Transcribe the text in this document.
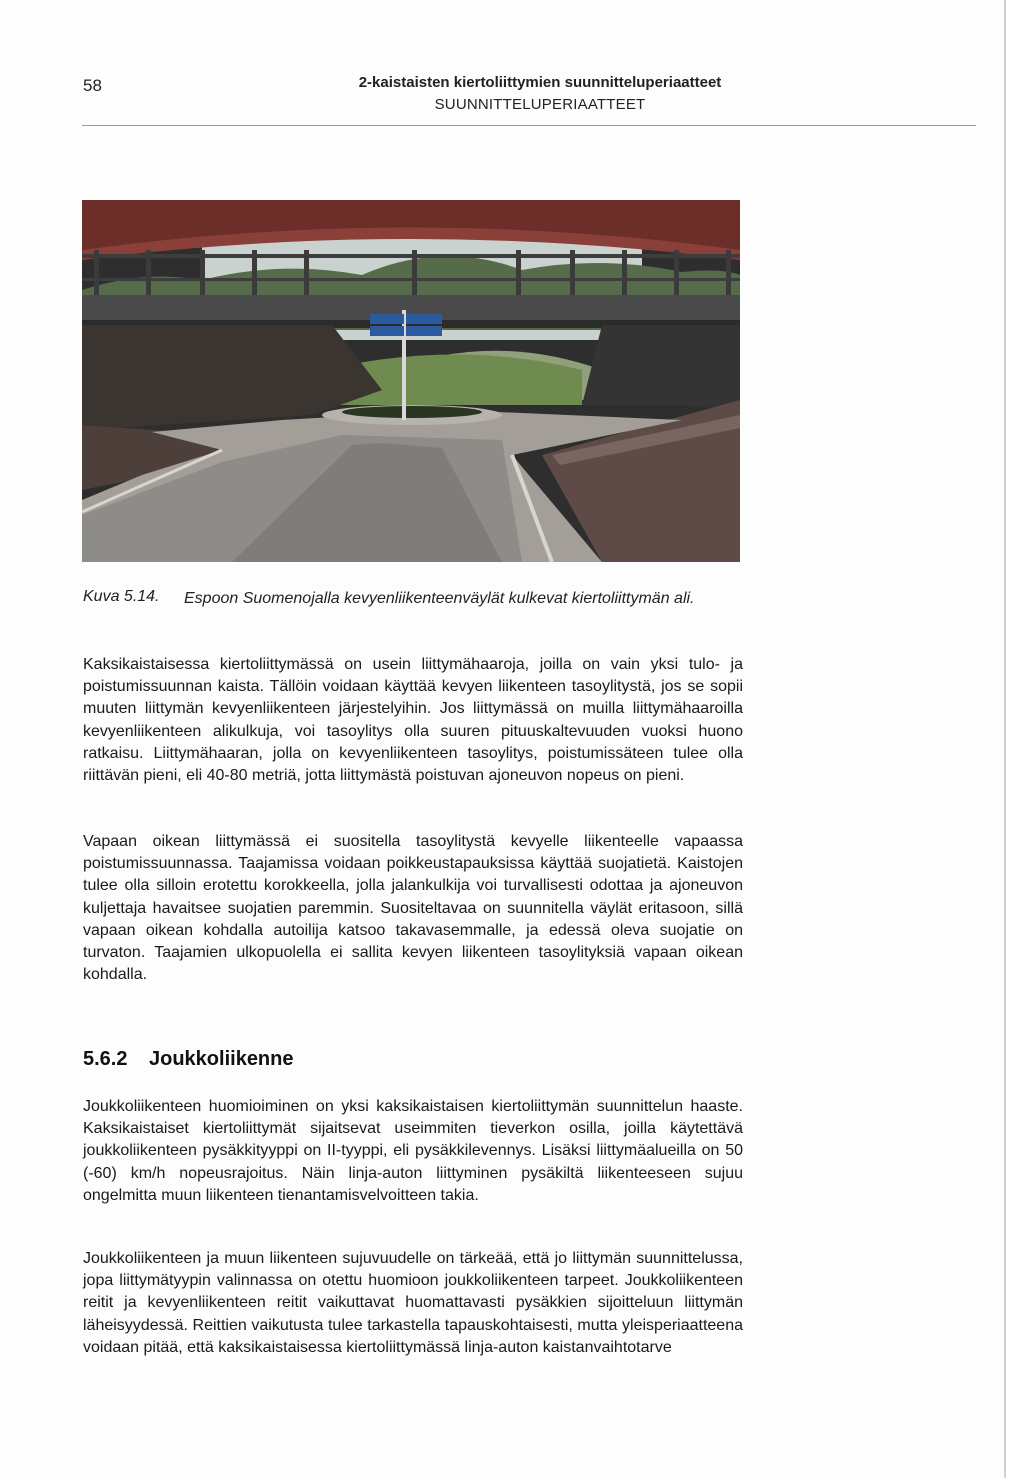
58	2-kaistaisten kiertoliittymien suunnitteluperiaatteet
SUUNNITTELUPERIAATTEET
Kuva 5.14. Espoon Suomenojalla kevyenliikenteenväylät kulkevat kiertoliittymän ali.

Kaksikaistaisessa kiertoliittymässä on usein liittymähaaroja, joilla on vain yksi tulo- ja poistumissuunnan kaista. Tällöin voidaan käyttää kevyen liikenteen tasoylitystä, jos se sopii muuten liittymän kevyenliikenteen järjestelyihin. Jos liittymässä on muilla liittymähaaroilla kevyenliikenteen alikulkuja, voi tasoylitys olla suuren pituuskaltevuuden vuoksi huono ratkaisu. Liittymähaaran, jolla on kevyenliikenteen tasoylitys, poistumissäteen tulee olla riittävän pieni, eli 40-80 metriä, jotta liittymästä poistuvan ajoneuvon nopeus on pieni.

Vapaan oikean liittymässä ei suositella tasoylitystä kevyelle liikenteelle vapaassa poistumissuunnassa. Taajamissa voidaan poikkeustapauksissa käyttää suojatietä. Kaistojen tulee olla silloin erotettu korokkeella, jolla jalankulkija voi turvallisesti odottaa ja ajoneuvon kuljettaja havaitsee suojatien paremmin. Suositeltavaa on suunnitella väylät eritasoon, sillä vapaan oikean kohdalla autoilija katsoo takavasemmalle, ja edessä oleva suojatie on turvaton. Taajamien ulkopuolella ei sallita kevyen liikenteen tasoylityksiä vapaan oikean kohdalla.

5.6.2 Joukkoliikenne

Joukkoliikenteen huomioiminen on yksi kaksikaistaisen kiertoliittymän suunnittelun haaste. Kaksikaistaiset kiertoliittymät sijaitsevat useimmiten tieverkon osilla, joilla käytettävä joukkoliikenteen pysäkkityyppi on II-tyyppi, eli pysäkkilevennys. Lisäksi liittymäalueilla on 50 (-60) km/h nopeusrajoitus. Näin linja-auton liittyminen pysäkiltä liikenteeseen sujuu ongelmitta muun liikenteen tienantamisvelvoitteen takia.

Joukkoliikenteen ja muun liikenteen sujuvuudelle on tärkeää, että jo liittymän suunnittelussa, jopa liittymätyypin valinnassa on otettu huomioon joukkoliikenteen tarpeet. Joukkoliikenteen reitit ja kevyenliikenteen reitit vaikuttavat huomattavasti pysäkkien sijoitteluun liittymän läheisyydessä. Reittien vaikutusta tulee tarkastella tapauskohtaisesti, mutta yleisperiaatteena voidaan pitää, että kaksikaistaisessa kiertoliittymässä linja-auton kaistanvaihtotarve
